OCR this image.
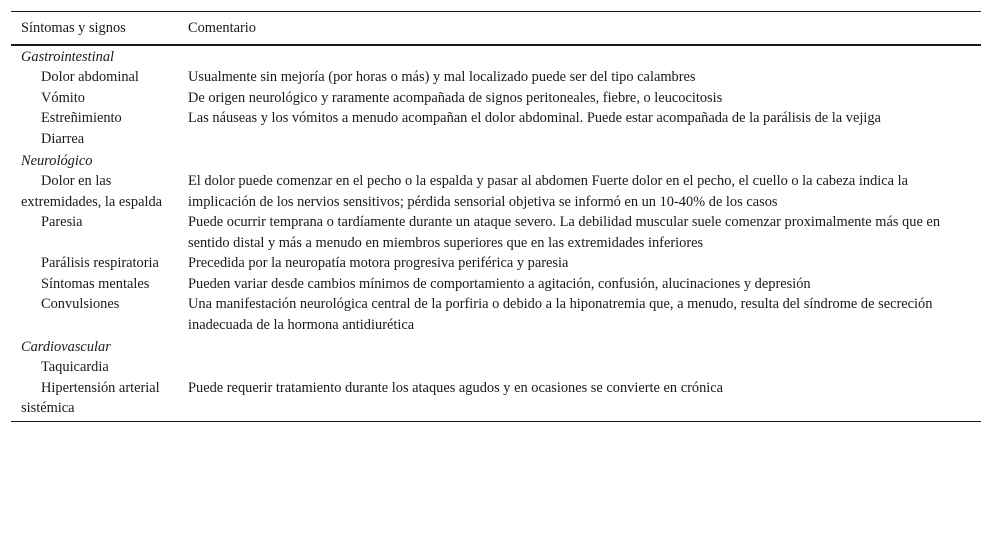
Síntomas y signos	Comentario
Gastrointestinal	
Dolor abdominal	Usualmente sin mejoría (por horas o más) y mal localizado puede ser del tipo calambres
Vómito	De origen neurológico y raramente acompañada de signos peritoneales, fiebre, o leucocitosis
Estreñimiento	Las náuseas y los vómitos a menudo acompañan el dolor abdominal. Puede estar acompañada de la parálisis de la vejiga
Diarrea	
Neurológico	
Dolor en las extremidades, la espalda	El dolor puede comenzar en el pecho o la espalda y pasar al abdomen Fuerte dolor en el pecho, el cuello o la cabeza indica la implicación de los nervios sensitivos; pérdida sensorial objetiva se informó en un 10-40% de los casos
Paresia	Puede ocurrir temprana o tardíamente durante un ataque severo. La debilidad muscular suele comenzar proximalmente más que en sentido distal y más a menudo en miembros superiores que en las extremidades inferiores
Parálisis respiratoria	Precedida por la neuropatía motora progresiva periférica y paresia
Síntomas mentales	Pueden variar desde cambios mínimos de comportamiento a agitación, confusión, alucinaciones y depresión
Convulsiones	Una manifestación neurológica central de la porfiria o debido a la hiponatremia que, a menudo, resulta del síndrome de secreción inadecuada de la hormona antidiurética
Cardiovascular	
Taquicardia	
Hipertensión arterial sistémica	Puede requerir tratamiento durante los ataques agudos y en ocasiones se convierte en crónica
